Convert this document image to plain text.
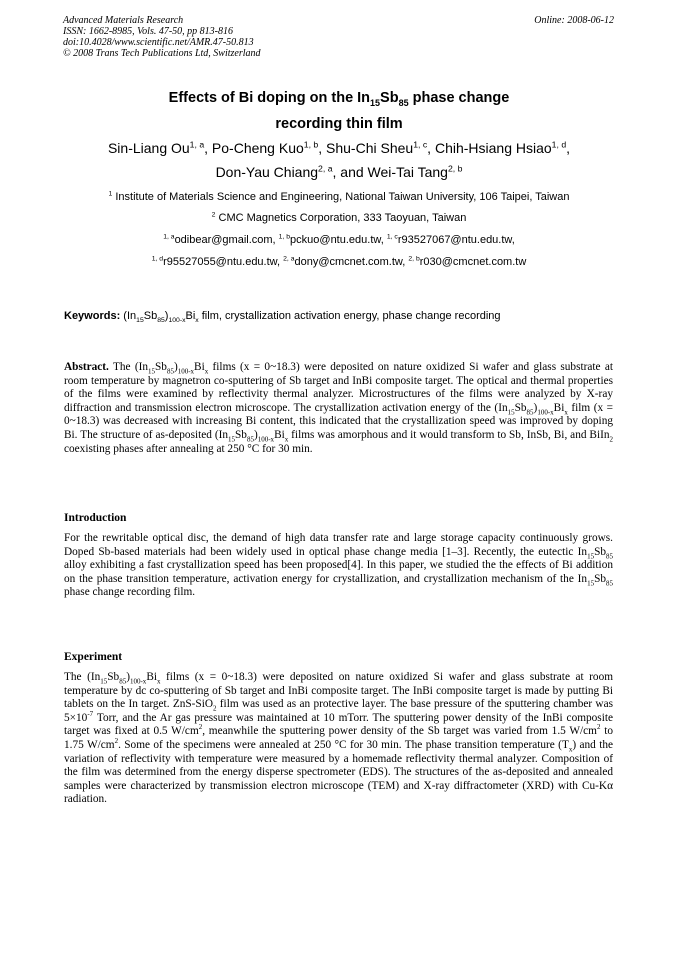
Advanced Materials Research
ISSN: 1662-8985, Vols. 47-50, pp 813-816
doi:10.4028/www.scientific.net/AMR.47-50.813
© 2008 Trans Tech Publications Ltd, Switzerland
Online: 2008-06-12
Effects of Bi doping on the $In_{15}Sb_{85}$ phase change
recording thin film
Sin-Liang Ou$^{1, a}$, Po-Cheng Kuo$^{1, b}$, Shu-Chi Sheu$^{1, c}$, Chih-Hsiang Hsiao$^{1, d}$,
Don-Yau Chiang$^{2, a}$, and Wei-Tai Tang$^{2, b}$
$^1$ Institute of Materials Science and Engineering, National Taiwan University, 106 Taipei, Taiwan
$^2$ CMC Magnetics Corporation, 333 Taoyuan, Taiwan
$^{1, a}$odibear@gmail.com, $^{1, b}$pckuo@ntu.edu.tw, $^{1, c}$r93527067@ntu.edu.tw,
$^{1, d}$r95527055@ntu.edu.tw, $^{2, a}$dony@cmcnet.com.tw, $^{2, b}$r030@cmcnet.com.tw
Keywords: $(In_{15}Sb_{85})_{100-x}Bi_x$ film, crystallization activation energy, phase change recording
Abstract. The $(In_{15}Sb_{85})_{100-x}Bi_x$ films (x = 0~18.3) were deposited on nature oxidized Si wafer and glass substrate at room temperature by magnetron co-sputtering of Sb target and InBi composite target. The optical and thermal properties of the films were examined by reflectivity thermal analyzer. Microstructures of the films were analyzed by X-ray diffraction and transmission electron microscope. The crystallization activation energy of the $(In_{15}Sb_{85})_{100-x}Bi_x$ film (x = 0~18.3) was decreased with increasing Bi content, this indicated that the crystallization speed was improved by doping Bi. The structure of as-deposited $(In_{15}Sb_{85})_{100-x}Bi_x$ films was amorphous and it would transform to Sb, InSb, Bi, and BiIn$_2$ coexisting phases after annealing at 250 °C for 30 min.
Introduction
For the rewritable optical disc, the demand of high data transfer rate and large storage capacity continuously grows. Doped Sb-based materials had been widely used in optical phase change media [1–3]. Recently, the eutectic $In_{15}Sb_{85}$ alloy exhibiting a fast crystallization speed has been proposed[4]. In this paper, we studied the the effects of Bi addition on the phase transition temperature, activation energy for crystallization, and crystallization mechanism of the $In_{15}Sb_{85}$ phase change recording film.
Experiment
The $(In_{15}Sb_{85})_{100-x}Bi_x$ films (x = 0~18.3) were deposited on nature oxidized Si wafer and glass substrate at room temperature by dc co-sputtering of Sb target and InBi composite target. The InBi composite target is made by putting Bi tablets on the In target. ZnS-SiO$_2$ film was used as an protective layer. The base pressure of the sputtering chamber was $5\times 10^{-7}$ Torr, and the Ar gas pressure was maintained at 10 mTorr. The sputtering power density of the InBi composite target was fixed at 0.5 $W/cm^2$, meanwhile the sputtering power density of the Sb target was varied from 1.5 $W/cm^2$ to 1.75 $W/cm^2$. Some of the specimens were annealed at 250 °C for 30 min. The phase transition temperature $(T_x)$ and the variation of reflectivity with temperature were measured by a homemade reflectivity thermal analyzer. Composition of the film was determined from the energy disperse spectrometer (EDS). The structures of the as-deposited and annealed samples were characterized by transmission electron microscope (TEM) and X-ray diffractometer (XRD) with Cu-Kα radiation.
